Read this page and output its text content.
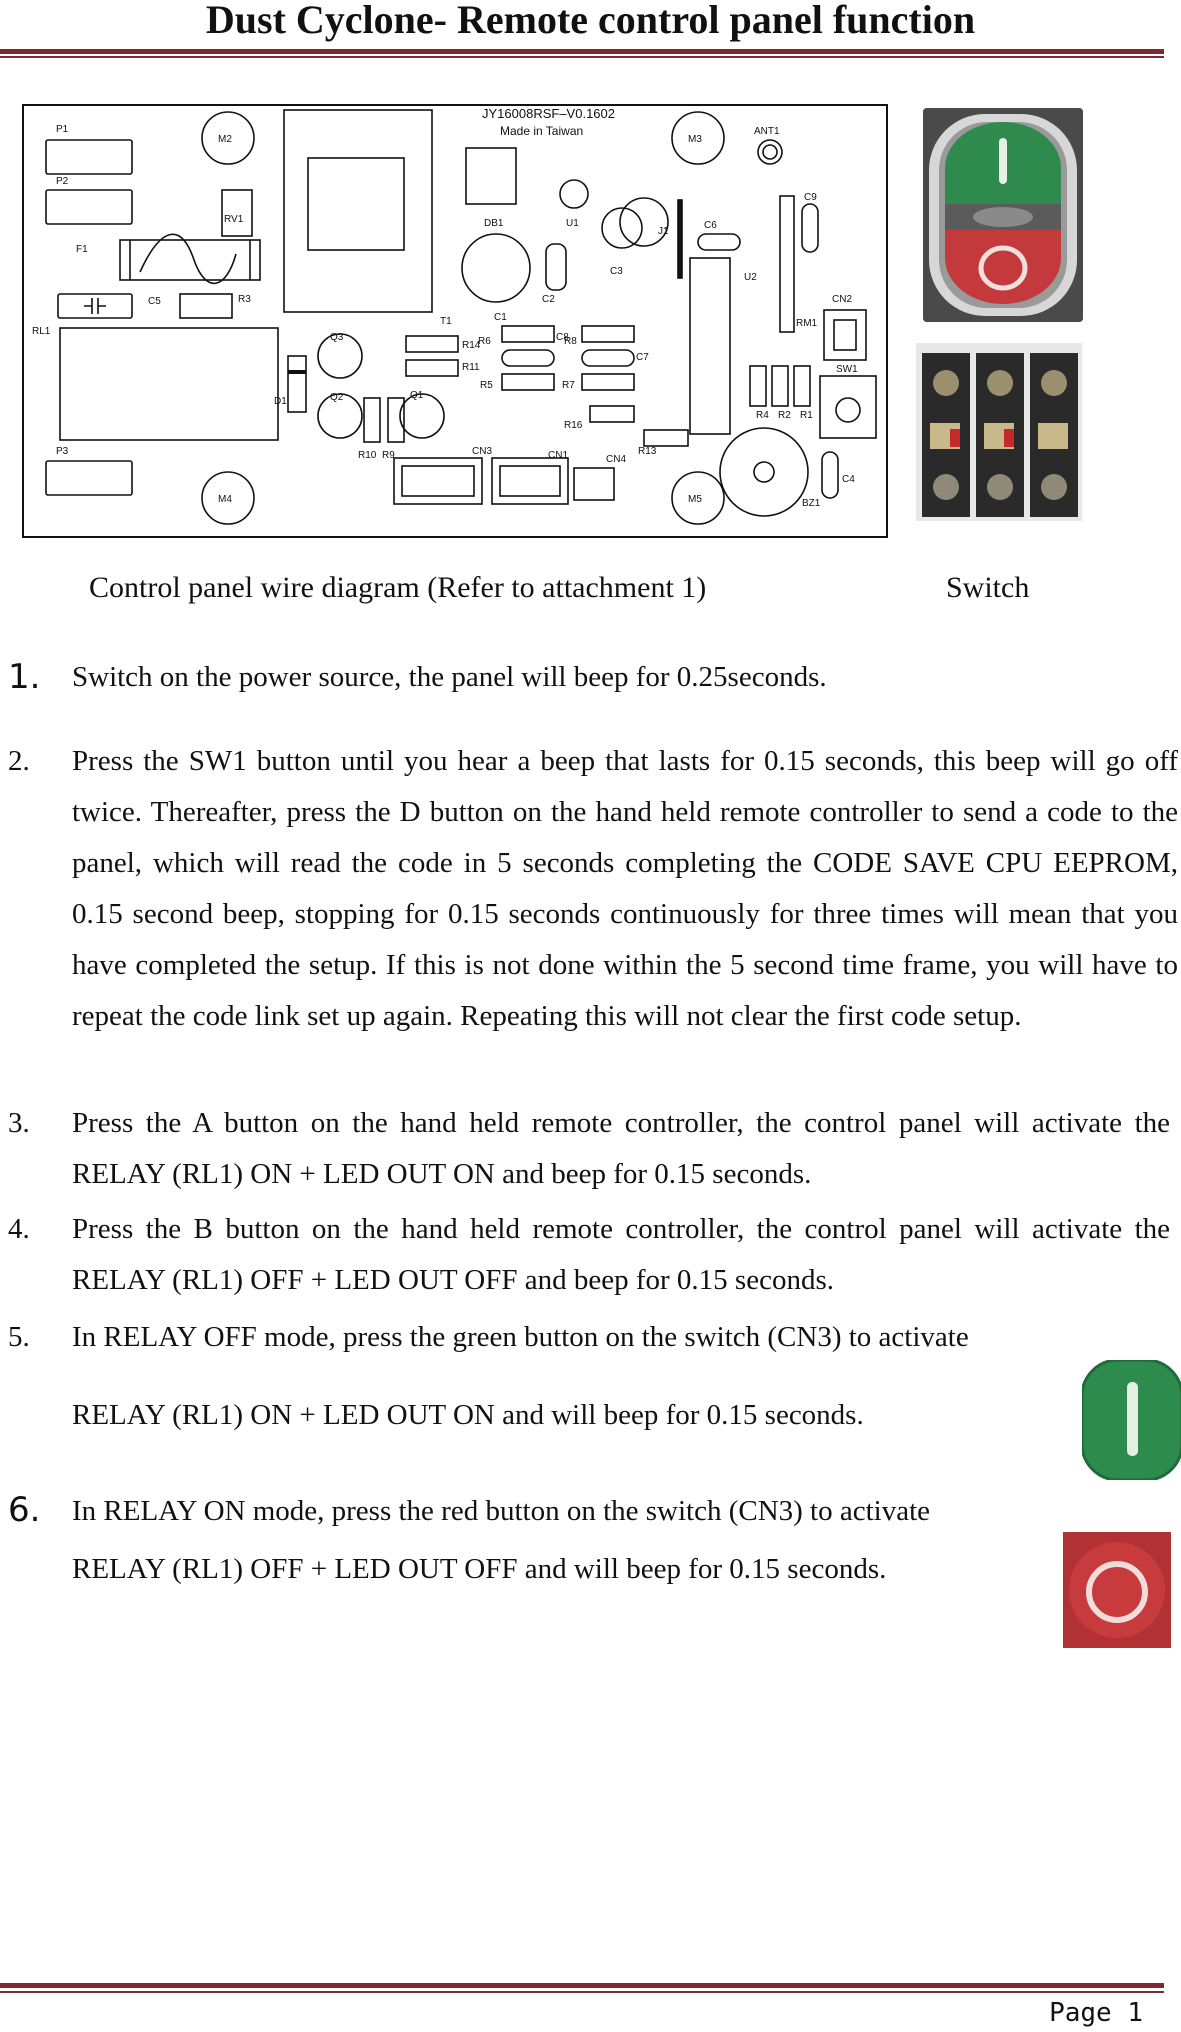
Dust Cyclone- Remote control panel function
JY16008RSF–V0.1602
Made in Taiwan
P1
P2
P3
F1
RL1
C5	R3
M2	M3
M4	M5
RV1	DB1	U1
C1
C2
C3
T1
J1
C6
C9
ANT1
U2
RM1
CN2
SW1
Q1
Q2
Q3
D1
R14
R11
R6	C8
R8
C7
R5	R7
R16
R13
R10 R9	CN3	CN1	CN4
R4 R2 R1
C4
BZ1
Control panel wire diagram (Refer to attachment 1)	Switch
1. Switch on the power source, the panel will beep for 0.25seconds.
2. Press the SW1 button until you hear a beep that lasts for 0.15 seconds, this beep will go off twice. Thereafter, press the D button on the hand held remote controller to send a code to the panel, which will read the code in 5 seconds completing the CODE SAVE CPU EEPROM, 0.15 second beep, stopping for 0.15 seconds continuously for three times will mean that you have completed the setup. If this is not done within the 5 second time frame, you will have to repeat the code link set up again. Repeating this will not clear the first code setup.
3. Press the A button on the hand held remote controller, the control panel will activate the RELAY (RL1) ON + LED OUT ON and beep for 0.15 seconds.
4. Press the B button on the hand held remote controller, the control panel will activate the RELAY (RL1) OFF + LED OUT OFF and beep for 0.15 seconds.
5. In RELAY OFF mode, press the green button on the switch (CN3) to activate
RELAY (RL1) ON + LED OUT ON and will beep for 0.15 seconds.
6. In RELAY ON mode, press the red button on the switch (CN3) to activate
RELAY (RL1) OFF + LED OUT OFF and will beep for 0.15 seconds.
Page 1
